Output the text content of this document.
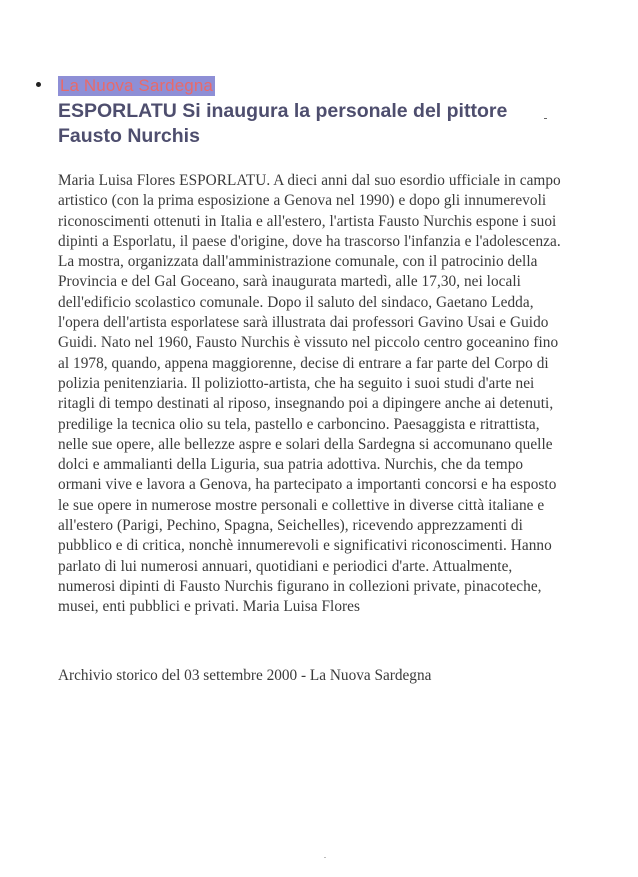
La Nuova Sardegna
ESPORLATU Si inaugura la personale del pittore Fausto Nurchis
Maria Luisa Flores ESPORLATU. A dieci anni dal suo esordio ufficiale in campo artistico (con la prima esposizione a Genova nel 1990) e dopo gli innumerevoli riconoscimenti ottenuti in Italia e all'estero, l'artista Fausto Nurchis espone i suoi dipinti a Esporlatu, il paese d'origine, dove ha trascorso l'infanzia e l'adolescenza. La mostra, organizzata dall'amministrazione comunale, con il patrocinio della Provincia e del Gal Goceano, sarà inaugurata martedì, alle 17,30, nei locali dell'edificio scolastico comunale. Dopo il saluto del sindaco, Gaetano Ledda, l'opera dell'artista esporlatese sarà illustrata dai professori Gavino Usai e Guido Guidi. Nato nel 1960, Fausto Nurchis è vissuto nel piccolo centro goceanino fino al 1978, quando, appena maggiorenne, decise di entrare a far parte del Corpo di polizia penitenziaria. Il poliziotto-artista, che ha seguito i suoi studi d'arte nei ritagli di tempo destinati al riposo, insegnando poi a dipingere anche ai detenuti, predilige la tecnica olio su tela, pastello e carboncino. Paesaggista e ritrattista, nelle sue opere, alle bellezze aspre e solari della Sardegna si accomunano quelle dolci e ammalianti della Liguria, sua patria adottiva. Nurchis, che da tempo ormani vive e lavora a Genova, ha partecipato a importanti concorsi e ha esposto le sue opere in numerose mostre personali e collettive in diverse città italiane e all'estero (Parigi, Pechino, Spagna, Seichelles), ricevendo apprezzamenti di pubblico e di critica, nonchè innumerevoli e significativi riconoscimenti. Hanno parlato di lui numerosi annuari, quotidiani e periodici d'arte. Attualmente, numerosi dipinti di Fausto Nurchis figurano in collezioni private, pinacoteche, musei, enti pubblici e privati. Maria Luisa Flores
Archivio storico del 03 settembre 2000 - La Nuova Sardegna
